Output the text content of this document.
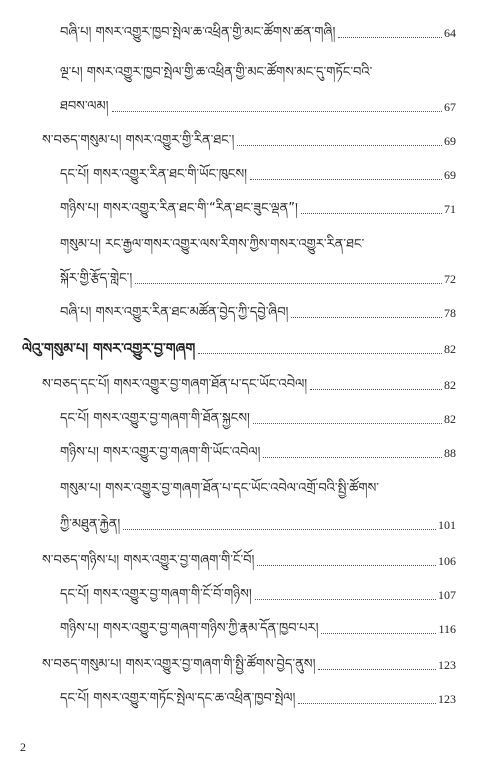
བཞི་པ། གསར་འགྱུར་ཁྱབ་སྤེལ་ཆ་འཕྲིན་གྱི་མང་ཚོགས་ཚན་གཞི།	64
ལྔ་པ། གསར་འགྱུར་ཁྱབ་སྤེལ་གྱི་ཆ་འཕྲིན་གྱི་མང་ཚོགས་མང་དུ་གཏོང་བའི་
ཐབས་ལམ།	67
ས་བཅད་གསུམ་པ། གསར་འགྱུར་གྱི་རིན་ཐང་།	69
དང་པོ། གསར་འགྱུར་རིན་ཐང་གི་ཡོང་ཁུངས།	69
གཉིས་པ། གསར་འགྱུར་རིན་ཐང་གི་“རིན་ཐང་ཟུང་ལྡན”།	71
གསུམ་པ། རང་རྒྱལ་གསར་འགྱུར་ལས་རིགས་ཀྱིས་གསར་འགྱུར་རིན་ཐང་
སྐོར་གྱི་རྩོད་གླེང་།	72
བཞི་པ། གསར་འགྱུར་རིན་ཐང་མཚོན་བྱེད་ཀྱི་དབྱེ་ཞིབ།	78
ལེའུ་གསུམ་པ། གསར་འགྱུར་བྱ་གཞག	82
ས་བཅད་དང་པོ། གསར་འགྱུར་བྱ་གཞག་ཐོན་པ་དང་ཡོང་འབེལ།	82
དང་པོ། གསར་འགྱུར་བྱ་གཞག་གི་ཐོན་སྐྱངས།	82
གཉིས་པ། གསར་འགྱུར་བྱ་གཞག་གི་ཡོང་འབེལ།	88
གསུམ་པ། གསར་འགྱུར་བྱ་གཞག་ཐོན་པ་དང་ཡོང་འབེལ་འགྲོ་བའི་སྤྱི་ཚོགས་
ཀྱི་མཐུན་རྐྱེན།	101
ས་བཅད་གཉིས་པ། གསར་འགྱུར་བྱ་གཞག་གི་ངོ་བོ།	106
དང་པོ། གསར་འགྱུར་བྱ་གཞག་གི་ངོ་བོ་གཉིས།	107
གཉིས་པ། གསར་འགྱུར་བྱ་གཞག་གཉིས་ཀྱི་རྣམ་དོན་ཁྱབ་པར།	116
ས་བཅད་གསུམ་པ། གསར་འགྱུར་བྱ་གཞག་གི་སྤྱི་ཚོགས་བྱེད་ནུས།	123
དང་པོ། གསར་འགྱུར་གཏོང་སྤེལ་དང་ཆ་འཕྲིན་ཁྱབ་སྤེལ།	123
2
